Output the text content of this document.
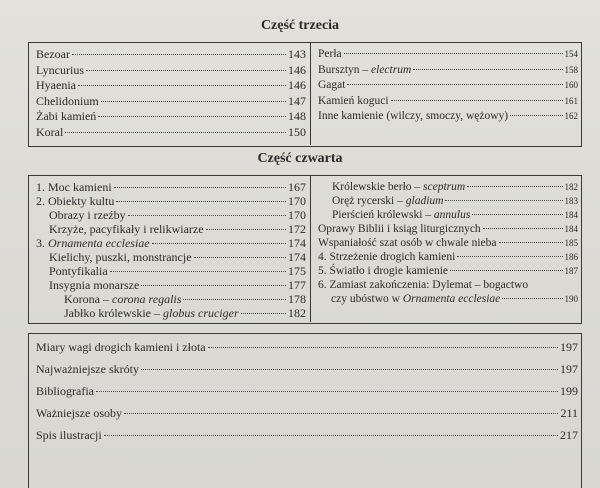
Część trzecia
Część czwarta
Bezoar	143
Lyncurius	146
Hyaenia	146
Chelidonium	147
Żabi kamień	148
Koral	150
Perła	154
Bursztyn – electrum	158
Gagat	160
Kamień koguci	161
Inne kamienie (wilczy, smoczy, wężowy)	162
1. Moc kamieni	167
2. Obiekty kultu	170
Obrazy i rzeźby	170
Krzyże, pacyfikały i relikwiarze	172
3. Ornamenta ecclesiae	174
Kielichy, puszki, monstrancje	174
Pontyfikalia	175
Insygnia monarsze	177
Korona – corona regalis	178
Jabłko królewskie – globus cruciger	182
Królewskie berło – sceptrum	182
Oręż rycerski – gladium	183
Pierścień królewski – annulus	184
Oprawy Biblii i ksiąg liturgicznych	184
Wspaniałość szat osób w chwale nieba	185
4. Strzeżenie drogich kamieni	186
5. Światło i drogie kamienie	187
6. Zamiast zakończenia: Dylemat – bogactwo
czy ubóstwo w Ornamenta ecclesiae	190
Miary wagi drogich kamieni i złota	197
Najważniejsze skróty	197
Bibliografia	199
Ważniejsze osoby	211
Spis ilustracji	217
